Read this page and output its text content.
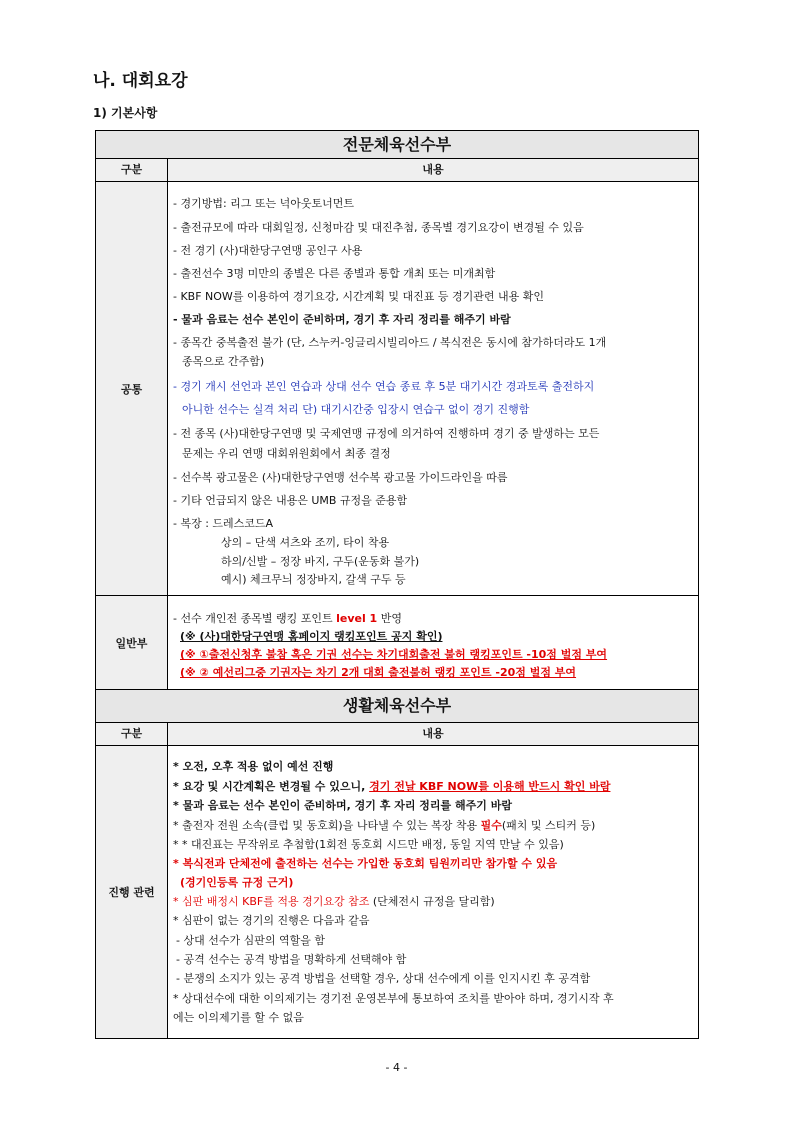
나. 대회요강
1) 기본사항
전문체육선수부
구분	내용
공통
- 경기방법: 리그 또는 넉아웃토너먼트
- 출전규모에 따라 대회일정, 신청마감 및 대진추첨, 종목별 경기요강이 변경될 수 있음
- 전 경기 (사)대한당구연맹 공인구 사용
- 출전선수 3명 미만의 종별은 다른 종별과 통합 개최 또는 미개최함
- KBF NOW를 이용하여 경기요강, 시간계획 및 대진표 등 경기관련 내용 확인
- 물과 음료는 선수 본인이 준비하며, 경기 후 자리 정리를 해주기 바람
- 종목간 중복출전 불가 (단, 스누커-잉글리시빌리아드 / 복식전은 동시에 참가하더라도 1개
종목으로 간주함)
- 경기 개시 선언과 본인 연습과 상대 선수 연습 종료 후 5분 대기시간 경과토록 출전하지
아니한 선수는 실격 처리 단) 대기시간중 입장시 연습구 없이 경기 진행함
- 전 종목 (사)대한당구연맹 및 국제연맹 규정에 의거하여 진행하며 경기 중 발생하는 모든
문제는 우리 연맹 대회위원회에서 최종 결정
- 선수복 광고물은 (사)대한당구연맹 선수복 광고물 가이드라인을 따름
- 기타 언급되지 않은 내용은 UMB 규정을 준용함
- 복장 : 드레스코드A
상의 – 단색 셔츠와 조끼, 타이 착용
하의/신발 – 정장 바지, 구두(운동화 불가)
예시) 체크무늬 정장바지, 갈색 구두 등
일반부
- 선수 개인전 종목별 랭킹 포인트 level 1 반영
(※ (사)대한당구연맹 홈페이지 랭킹포인트 공지 확인)
(※ ①출전신청후 불참 혹은 기권 선수는 차기대회출전 불허 랭킹포인트 -10점 벌점 부여
(※ ② 예선리그중 기권자는 차기 2개 대회 출전불허 랭킹 포인트 -20점 벌점 부여
생활체육선수부
구분	내용
진행 관련
* 오전, 오후 적용 없이 예선 진행
* 요강 및 시간계획은 변경될 수 있으니, 경기 전날 KBF NOW를 이용해 반드시 확인 바람
* 물과 음료는 선수 본인이 준비하며, 경기 후 자리 정리를 해주기 바람
* 출전자 전원 소속(클럽 및 동호회)을 나타낼 수 있는 복장 착용 필수(패치 및 스티커 등)
* * 대진표는 무작위로 추첨함(1회전 동호회 시드만 배정, 동일 지역 만날 수 있음)
* 복식전과 단체전에 출전하는 선수는 가입한 동호회 팀원끼리만 참가할 수 있음
(경기인등록 규정 근거)
* 심판 배정시 KBF를 적용 경기요강 참조 (단체전시 규정을 달리함)
* 심판이 없는 경기의 진행은 다음과 같음
- 상대 선수가 심판의 역할을 함
- 공격 선수는 공격 방법을 명확하게 선택해야 함
- 분쟁의 소지가 있는 공격 방법을 선택할 경우, 상대 선수에게 이를 인지시킨 후 공격함
* 상대선수에 대한 이의제기는 경기전 운영본부에 통보하여 조치를 받아야 하며, 경기시작 후
에는 이의제기를 할 수 없음
- 4 -
